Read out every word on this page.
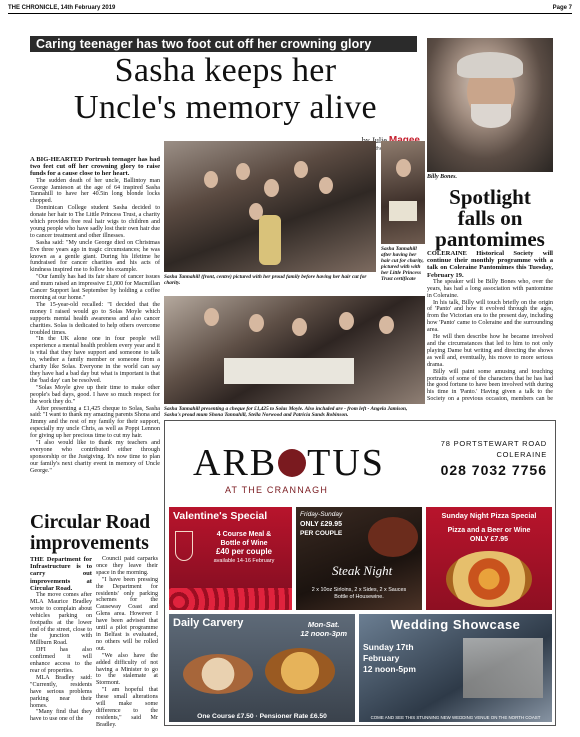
THE CHRONICLE, 14th February 2019	Page 7
Caring teenager has two foot cut off her crowning glory
Sasha keeps her
Uncle's memory alive
Julie

A BIG-HEARTED Portrush teenager has had two feet cut off her crowning glory to raise funds for a cause close to her heart.

The sudden death of her uncle, Ballintoy man George Jamieson at the age of 64 inspired Sasha Tannahill to have her 40.5in long blonde locks chopped.

Dominican College student Sasha decided to donate her hair to The Little Princess Trust, a charity which provides free real hair wigs to children and young people who have sadly lost their own hair due to cancer treatment and other illnesses.

Sasha said: "My uncle George died on Christmas Eve three years ago in tragic circumstances; he was known as a gentle giant. During his lifetime he fundraised for cancer charities and his acts of kindness inspired me to follow his example.

"Our family has had its fair share of cancer issues and mum raised an impressive £1,000 for Macmillan Cancer Support last September by holding a coffee morning at our home."

The 15-year-old recalled: "I decided that the money I raised would go to Solas Moyle which supports mental health awareness and also cancer charities. Solas is dedicated to help others overcome troubled times.

"In the UK alone one in four people will experience a mental health problem every year and it is vital that they have support and someone to talk to, whether a family member or someone from a charity like Solas. Everyone in the world can say they have had a bad day but what is important is that the 'bad day' can be resolved.

"Solas Moyle give up their time to make other people's bad days, good. I have so much respect for the work they do."

After presenting a £1,425 cheque to Solas, Sasha said: "I want to thank my amazing parents Shona and Jimmy and the rest of my family for their support, especially my uncle Chris, as well as Poppi Lennon for giving up her precious time to cut my hair.

"I also would like to thank my teachers and everyone who contributed either through sponsorship or the Justgiving. It's now time to plan our family's next charity event in memory of Uncle George."

Sasha Tannahill (front, centre) pictured with her proud family before having her hair cut for charity.
Sasha Tannahill after having her hair cut for charity, pictured with with her Little Princess Trust certificate
Sasha Tannahill presenting a cheque for £1,425 to Solas Moyle. Also included are - from left - Angela Jamison, Sasha's proud mum Shona Tannahill, Stella Norwood and Patricia Sands Robinson.
Billy Bones.
Spotlight
falls on
pantomimes

COLERAINE Historical Society will continue their monthly programme with a talk on Coleraine Pantomimes this Tuesday, February 19.

The speaker will be Billy Bones who, over the years, has had a long association with pantomime in Coleraine.

In his talk, Billy will touch briefly on the origin of 'Panto' and how it evolved through the ages, from the Victorian era to the present day, including how 'Panto' came to Coleraine and the surrounding area.

He will then describe how he became involved and the circumstances that led to him to not only playing Dame but writing and directing the shows as well and, eventually, his move to more serious drama.

Billy will paint some amusing and touching portraits of some of the characters that he has had the good fortune to have been involved with during his time in 'Panto.' Having given a talk to the Society on a previous occasion, members can be

Circular Road
improvements

THE Department for Infrastructure is to carry out improvements at Circular Road.

The move comes after MLA Maurice Bradley wrote to complain about vehicles parking on footpaths at the lower end of the street, close to the junction with Millburn Road.

DFI has also confirmed it will enhance access to the rear of properties.

MLA Bradley said: "Currently, residents have serious problems parking near their homes.

"Many find that they have to use one of the

Council paid carparks once they leave their space in the morning.

"I have been pressing the Department for residents' only parking schemes for the Causeway Coast and Glens area. However I have been advised that until a pilot programme in Belfast is evaluated, no others will be rolled out.

"We also have the added difficulty of not having a Minister to go to the stalemate at Stormont.

"I am hopeful that these small alterations will make some difference to the residents," said Mr Bradley.

ARB TUS
AT THE CRANNAGH
78 PORTSTEWART ROAD
COLERAINE
028 7032 7756
Valentine's Special
4 Course Meal &
Bottle of Wine
£40 per couple
available 14-16 February
Friday-Sunday
ONLY £29.95
PER COUPLE
Steak Night
2 x 10oz Sirloins, 2 x Sides, 2 x Sauces
Bottle of Housewine.
Sunday Night Pizza Special
Pizza and a Beer or Wine
ONLY £7.95
Daily Carvery	Mon-Sat.
12 noon-3pm
One Course £7.50 · Pensioner Rate £6.50
Wedding Showcase
Sunday 17th
February
12 noon-5pm
COME AND SEE THIS STUNNING NEW WEDDING VENUE ON THE NORTH COAST
